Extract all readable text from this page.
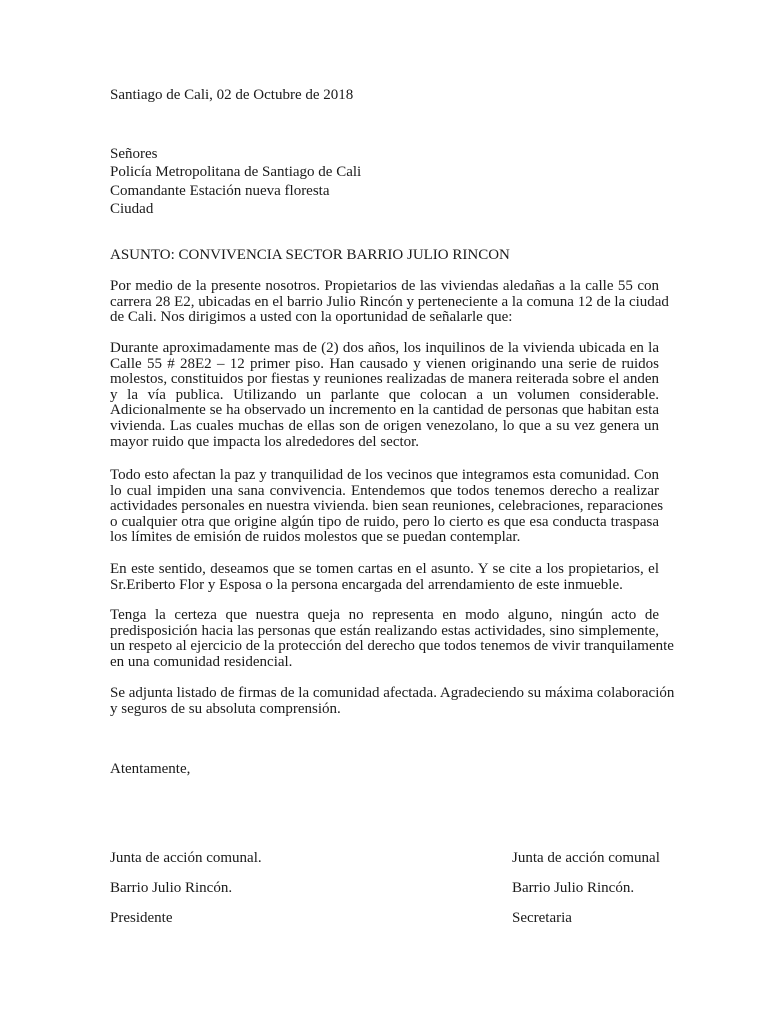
Santiago de Cali, 02 de Octubre de 2018
Señores
Policía Metropolitana de Santiago de Cali
Comandante Estación nueva floresta
Ciudad
ASUNTO: CONVIVENCIA SECTOR BARRIO JULIO RINCON
Por medio de la presente nosotros. Propietarios de las viviendas aledañas a la calle 55 con
carrera 28 E2, ubicadas en el barrio Julio Rincón y perteneciente a la comuna 12 de la ciudad
de Cali. Nos dirigimos a usted con la oportunidad de señalarle que:
Durante aproximadamente mas de (2) dos años, los inquilinos de la vivienda ubicada en la
Calle 55 # 28E2 – 12 primer piso. Han causado y vienen originando una serie de ruidos
molestos, constituidos por fiestas y reuniones realizadas de manera reiterada sobre el anden
y la vía publica. Utilizando un parlante que colocan a un volumen considerable.
Adicionalmente se ha observado un incremento en la cantidad de personas que habitan esta
vivienda. Las cuales muchas de ellas son de origen venezolano, lo que a su vez genera un
mayor ruido que impacta los alrededores del sector.
Todo esto afectan la paz y tranquilidad de los vecinos que integramos esta comunidad. Con
lo cual impiden una sana convivencia. Entendemos que todos tenemos derecho a realizar
actividades personales en nuestra vivienda. bien sean reuniones, celebraciones, reparaciones
o cualquier otra que origine algún tipo de ruido, pero lo cierto es que esa conducta traspasa
los límites de emisión de ruidos molestos que se puedan contemplar.
En este sentido, deseamos que se tomen cartas en el asunto. Y se cite a los propietarios, el
Sr.Eriberto Flor y Esposa o la persona encargada del arrendamiento de este inmueble.
Tenga la certeza que nuestra queja no representa en modo alguno, ningún acto de
predisposición hacia las personas que están realizando estas actividades, sino simplemente,
un respeto al ejercicio de la protección del derecho que todos tenemos de vivir tranquilamente
en una comunidad residencial.
Se adjunta listado de firmas de la comunidad afectada. Agradeciendo su máxima colaboración
y seguros de su absoluta comprensión.
Atentamente,
Junta de acción comunal.
Barrio Julio Rincón.
Presidente
Junta de acción comunal
Barrio Julio Rincón.
Secretaria
